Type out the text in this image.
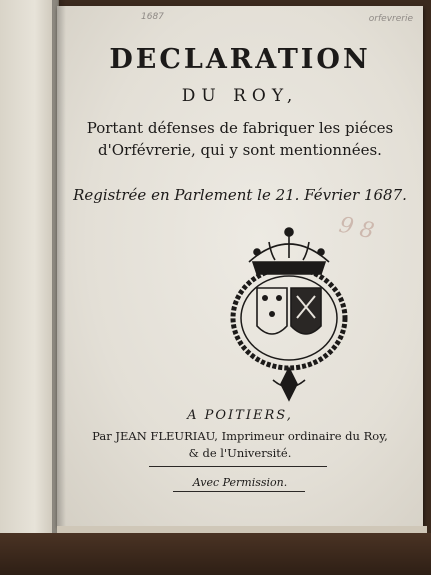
1687	orfevrerie
DECLARATION
DU ROY,
Portant défenses de fabriquer les piéces
d'Orfévrerie, qui y sont mentionnées.
Registrée en Parlement le 21. Février 1687.
9 8
A POITIERS,
Par JEAN FLEURIAU, Imprimeur ordinaire du Roy,
& de l'Université.
Avec Permission.
